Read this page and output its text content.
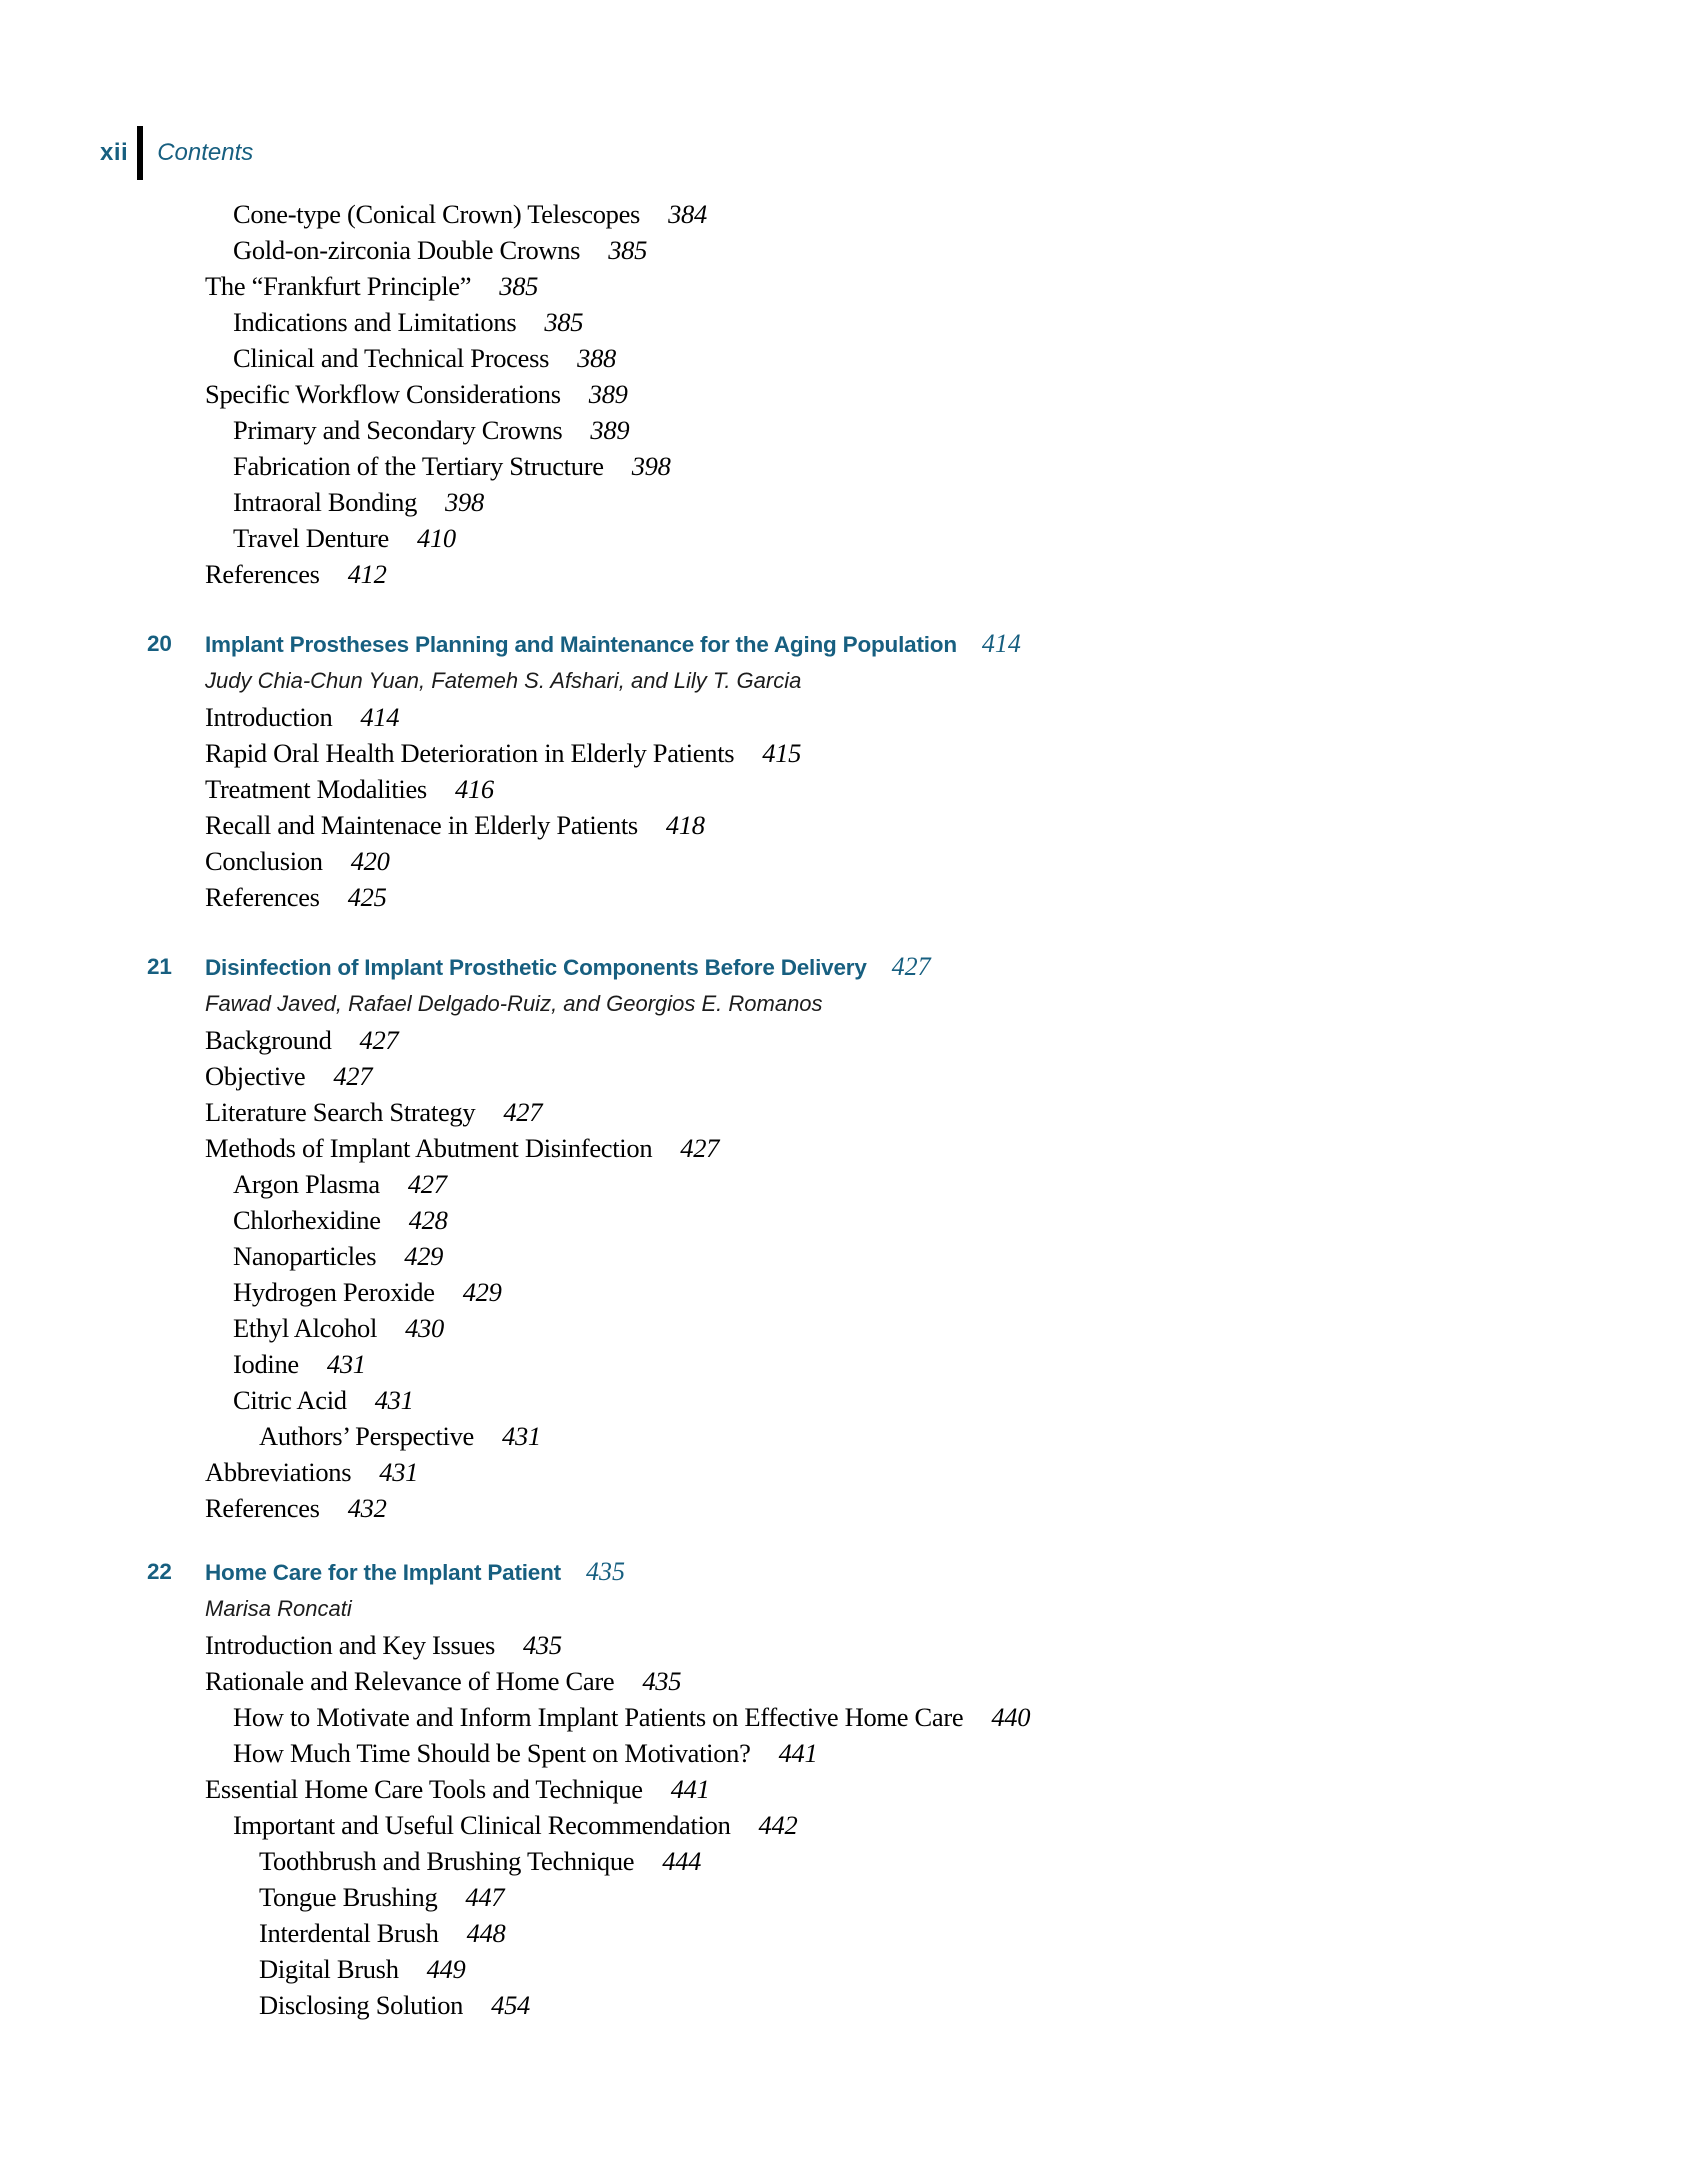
xii Contents
Cone-type (Conical Crown) Telescopes 384
Gold-on-zirconia Double Crowns 385
The “Frankfurt Principle” 385
Indications and Limitations 385
Clinical and Technical Process 388
Specific Workflow Considerations 389
Primary and Secondary Crowns 389
Fabrication of the Tertiary Structure 398
Intraoral Bonding 398
Travel Denture 410
References 412
20 Implant Prostheses Planning and Maintenance for the Aging Population 414
Judy Chia-Chun Yuan, Fatemeh S. Afshari, and Lily T. Garcia
Introduction 414
Rapid Oral Health Deterioration in Elderly Patients 415
Treatment Modalities 416
Recall and Maintenace in Elderly Patients 418
Conclusion 420
References 425
21 Disinfection of Implant Prosthetic Components Before Delivery 427
Fawad Javed, Rafael Delgado-Ruiz, and Georgios E. Romanos
Background 427
Objective 427
Literature Search Strategy 427
Methods of Implant Abutment Disinfection 427
Argon Plasma 427
Chlorhexidine 428
Nanoparticles 429
Hydrogen Peroxide 429
Ethyl Alcohol 430
Iodine 431
Citric Acid 431
Authors’ Perspective 431
Abbreviations 431
References 432
22 Home Care for the Implant Patient 435
Marisa Roncati
Introduction and Key Issues 435
Rationale and Relevance of Home Care 435
How to Motivate and Inform Implant Patients on Effective Home Care 440
How Much Time Should be Spent on Motivation? 441
Essential Home Care Tools and Technique 441
Important and Useful Clinical Recommendation 442
Toothbrush and Brushing Technique 444
Tongue Brushing 447
Interdental Brush 448
Digital Brush 449
Disclosing Solution 454
